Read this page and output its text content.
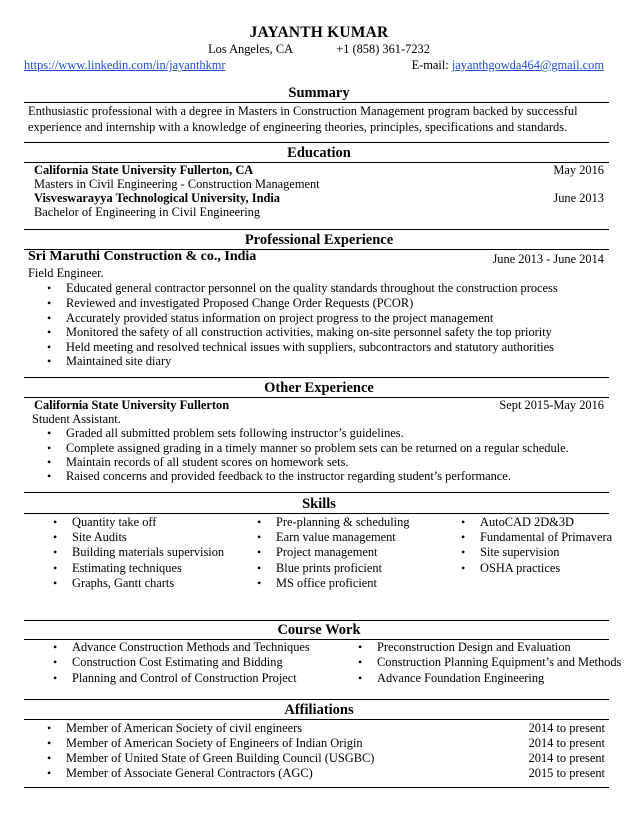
JAYANTH KUMAR
Los Angeles, CA	+1 (858) 361-7232
https://www.linkedin.com/in/jayanthkmr	E-mail: jayanthgowda464@gmail.com
Summary
Enthusiastic professional with a degree in Masters in Construction Management program backed by successful experience and internship with a knowledge of engineering theories, principles, specifications and standards.
Education
California State University Fullerton, CA	May 2016
Masters in Civil Engineering - Construction Management
Visveswarayya Technological University, India	June 2013
Bachelor of Engineering in Civil Engineering
Professional Experience
Sri Maruthi Construction & co., India	June 2013 - June 2014
Field Engineer.
• Educated general contractor personnel on the quality standards throughout the construction process
• Reviewed and investigated Proposed Change Order Requests (PCOR)
• Accurately provided status information on project progress to the project management
• Monitored the safety of all construction activities, making on-site personnel safety the top priority
• Held meeting and resolved technical issues with suppliers, subcontractors and statutory authorities
• Maintained site diary
Other Experience
California State University Fullerton	Sept 2015-May 2016
Student Assistant.
• Graded all submitted problem sets following instructor’s guidelines.
• Complete assigned grading in a timely manner so problem sets can be returned on a regular schedule.
• Maintain records of all student scores on homework sets.
• Raised concerns and provided feedback to the instructor regarding student’s performance.
Skills
• Quantity take off
• Site Audits
• Building materials supervision
• Estimating techniques
• Graphs, Gantt charts
• Pre-planning & scheduling
• Earn value management
• Project management
• Blue prints proficient
• MS office proficient
• AutoCAD 2D&3D
• Fundamental of Primavera
• Site supervision
• OSHA practices
Course Work
• Advance Construction Methods and Techniques
• Construction Cost Estimating and Bidding
• Planning and Control of Construction Project
• Preconstruction Design and Evaluation
• Construction Planning Equipment’s and Methods
• Advance Foundation Engineering
Affiliations
• Member of American Society of civil engineers	2014 to present
• Member of American Society of Engineers of Indian Origin	2014 to present
• Member of United State of Green Building Council (USGBC)	2014 to present
• Member of Associate General Contractors (AGC)	2015 to present
